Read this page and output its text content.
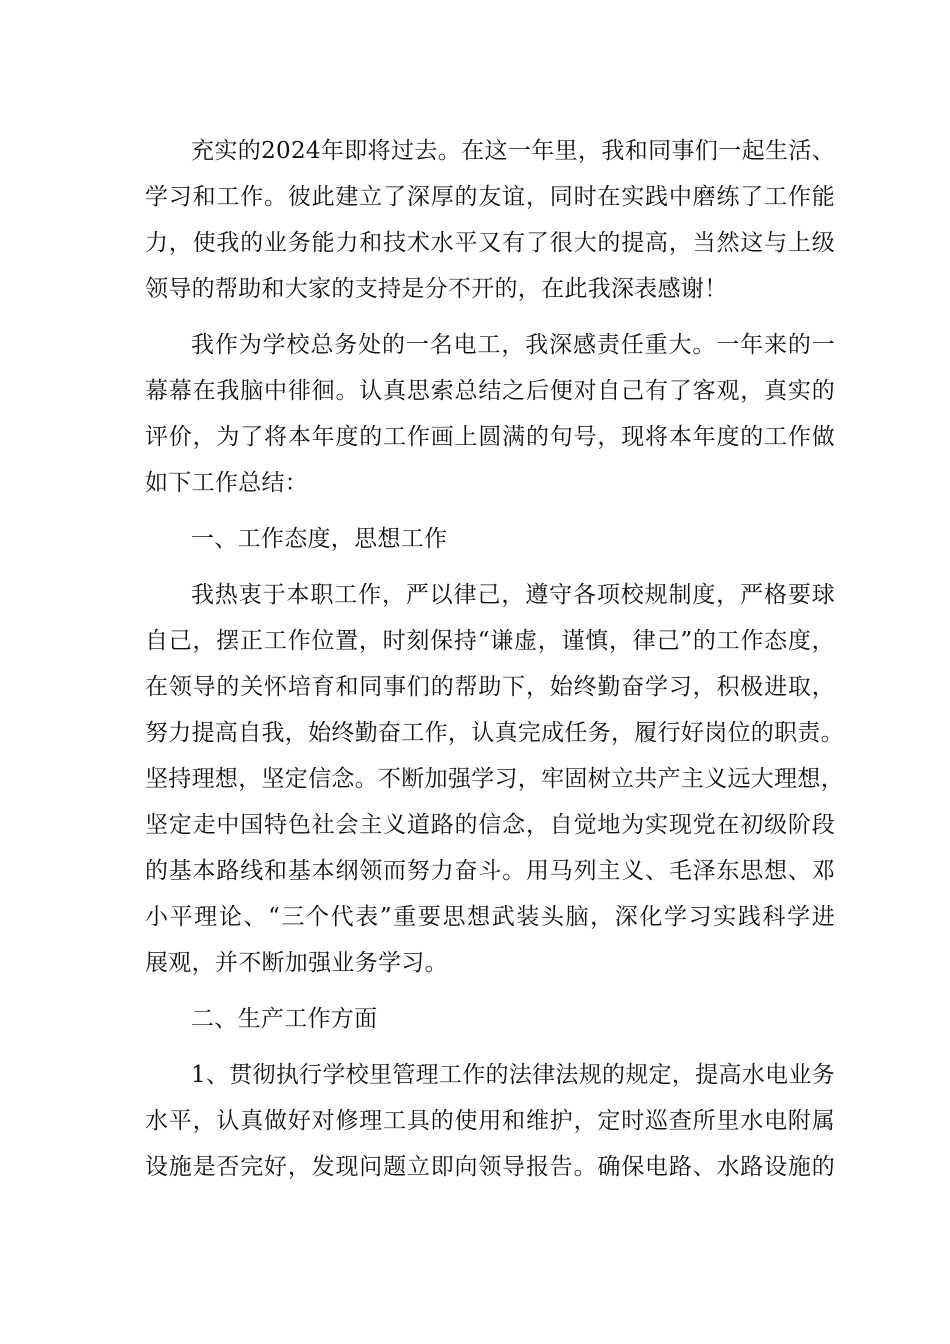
充实的2024年即将过去。在这一年里，我和同事们一起生活、
学习和工作。彼此建立了深厚的友谊，同时在实践中磨练了工作能
力，使我的业务能力和技术水平又有了很大的提高，当然这与上级
领导的帮助和大家的支持是分不开的，在此我深表感谢！
我作为学校总务处的一名电工，我深感责任重大。一年来的一
幕幕在我脑中徘徊。认真思索总结之后便对自己有了客观，真实的
评价，为了将本年度的工作画上圆满的句号，现将本年度的工作做
如下工作总结：
一、工作态度，思想工作
我热衷于本职工作，严以律己，遵守各项校规制度，严格要球
自己，摆正工作位置，时刻保持“谦虚，谨慎，律己”的工作态度，
在领导的关怀培育和同事们的帮助下，始终勤奋学习，积极进取，
努力提高自我，始终勤奋工作，认真完成任务，履行好岗位的职责。
坚持理想，坚定信念。不断加强学习，牢固树立共产主义远大理想，
坚定走中国特色社会主义道路的信念，自觉地为实现党在初级阶段
的基本路线和基本纲领而努力奋斗。用马列主义、毛泽东思想、邓
小平理论、“三个代表”重要思想武装头脑，深化学习实践科学进
展观，并不断加强业务学习。
二、生产工作方面
1、贯彻执行学校里管理工作的法律法规的规定，提高水电业务
水平，认真做好对修理工具的使用和维护，定时巡查所里水电附属
设施是否完好，发现问题立即向领导报告。确保电路、水路设施的
